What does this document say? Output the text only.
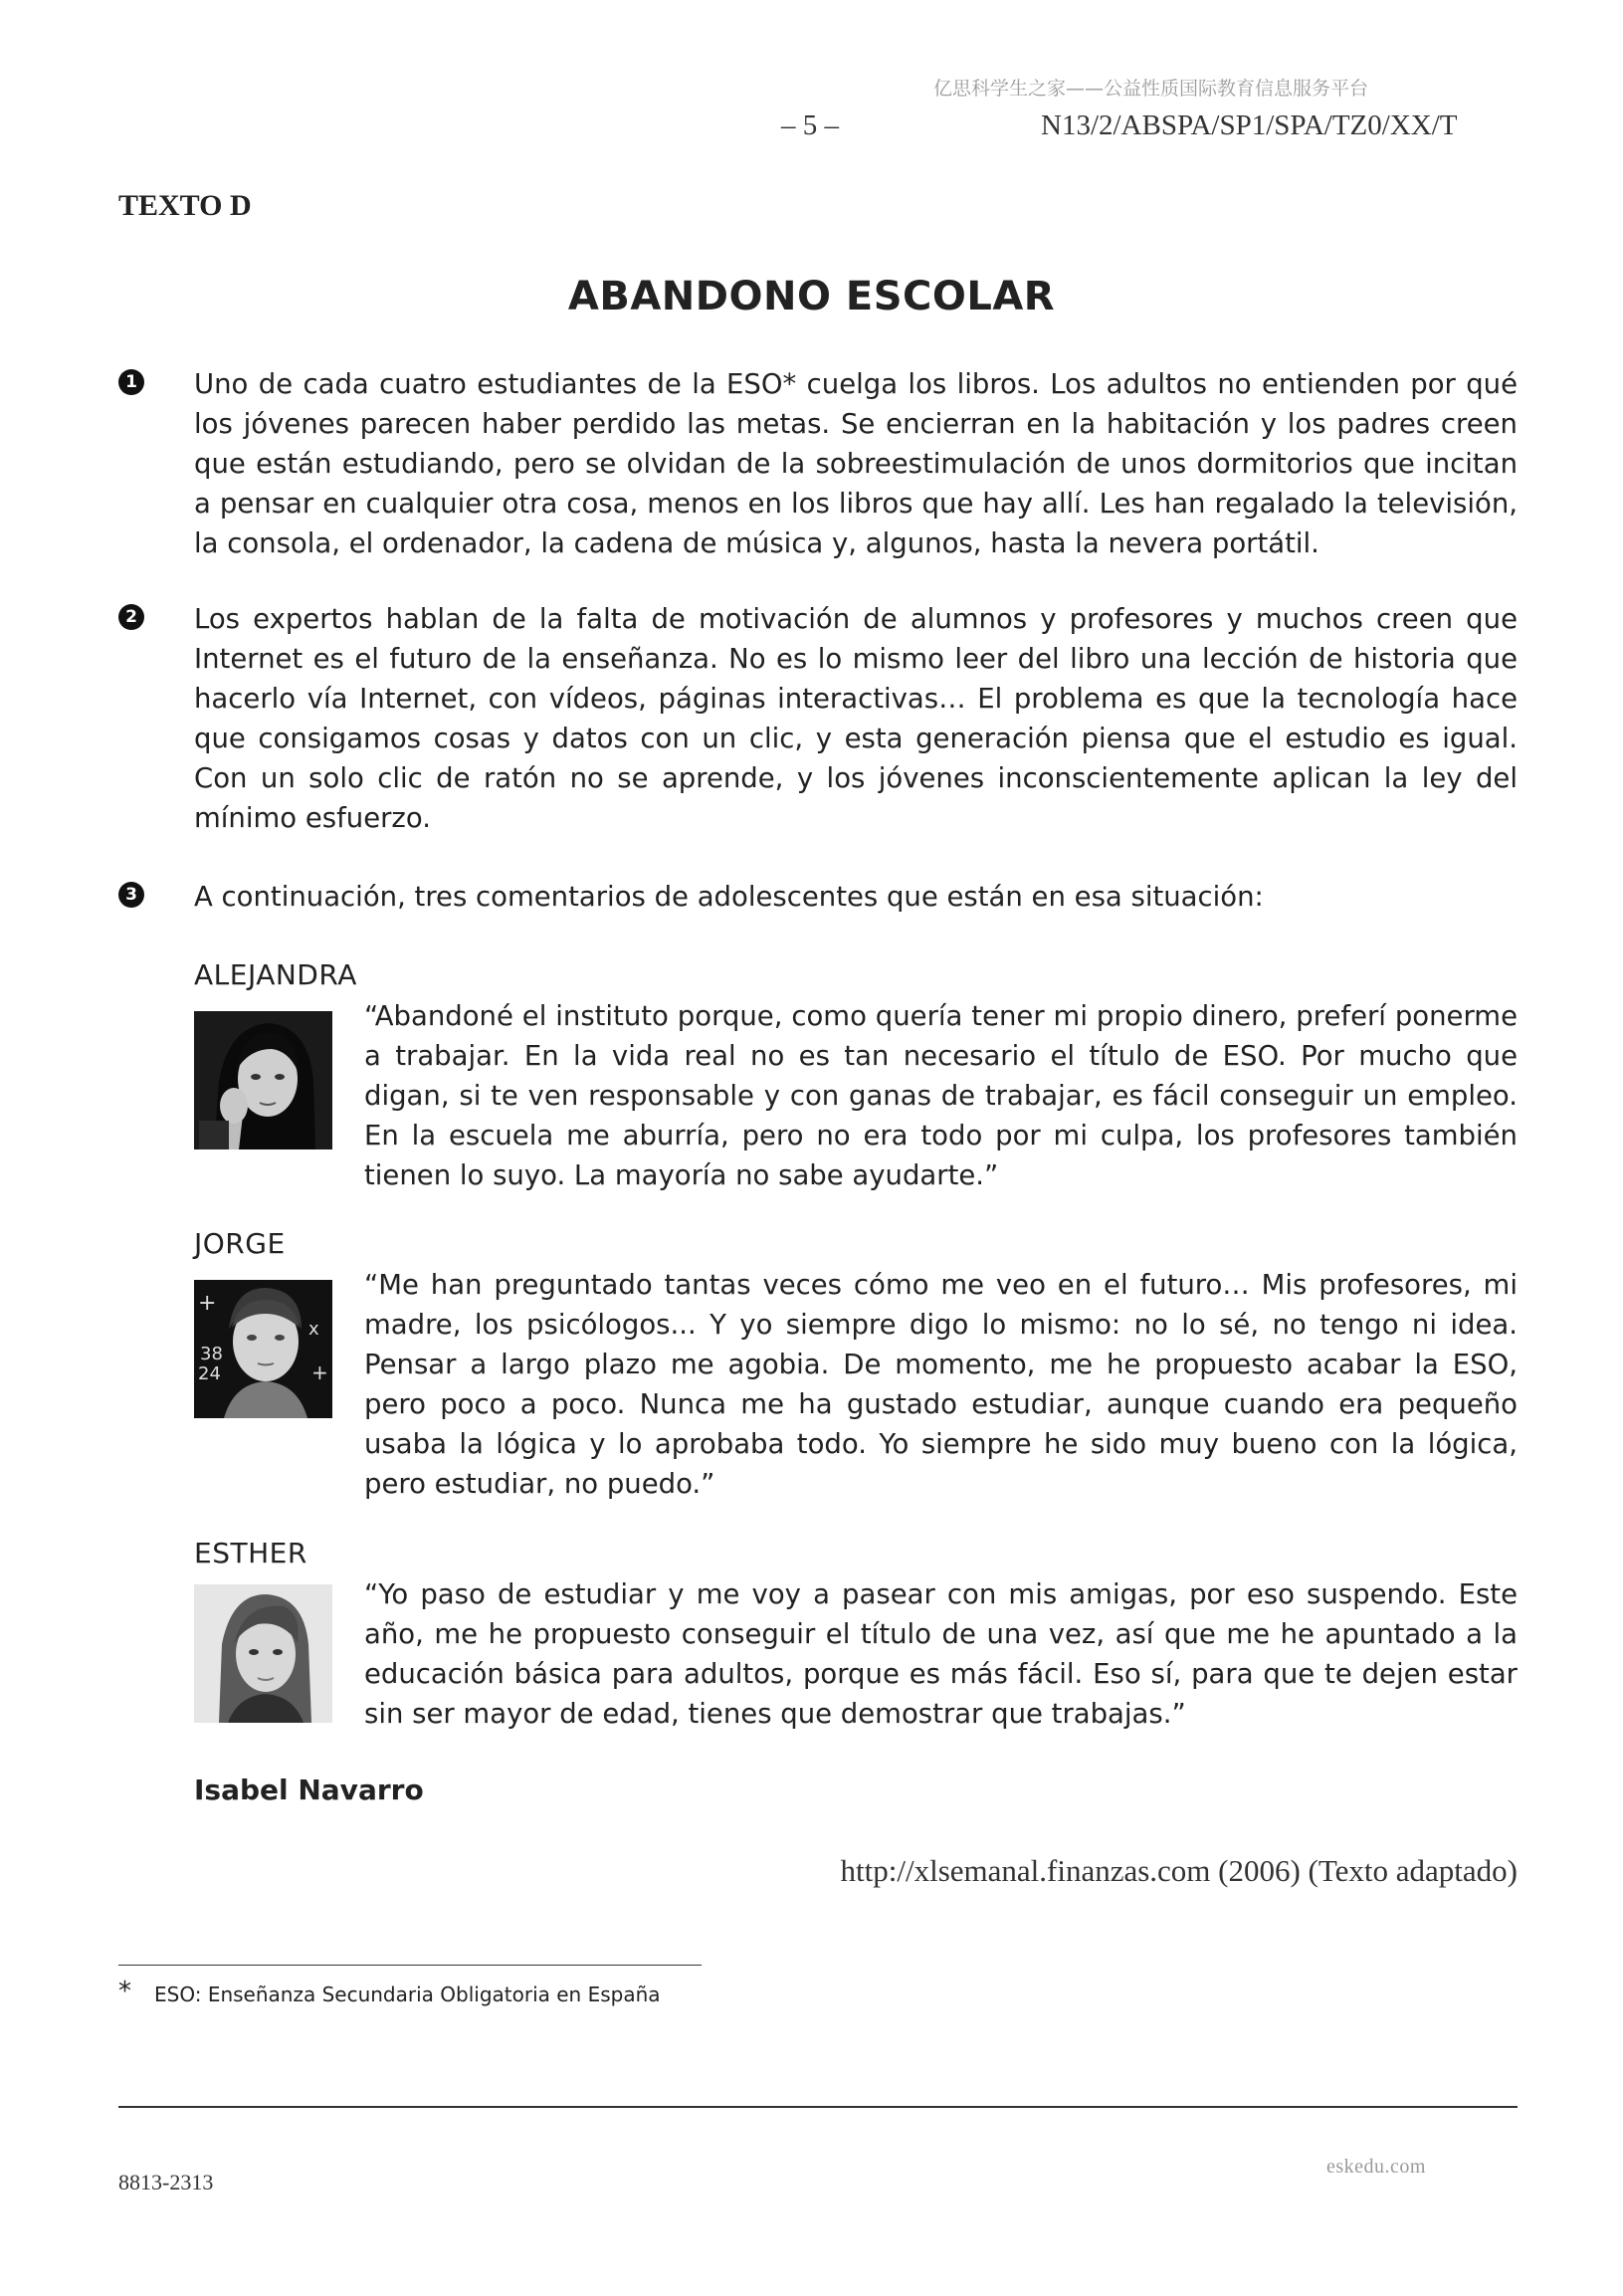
亿思科学生之家——公益性质国际教育信息服务平台
– 5 –	N13/2/ABSPA/SP1/SPA/TZ0/XX/T
TEXTO D
ABANDONO ESCOLAR
1 Uno de cada cuatro estudiantes de la ESO* cuelga los libros. Los adultos no entienden por qué los jóvenes parecen haber perdido las metas. Se encierran en la habitación y los padres creen que están estudiando, pero se olvidan de la sobreestimulación de unos dormitorios que incitan a pensar en cualquier otra cosa, menos en los libros que hay allí. Les han regalado la televisión, la consola, el ordenador, la cadena de música y, algunos, hasta la nevera portátil.
2 Los expertos hablan de la falta de motivación de alumnos y profesores y muchos creen que Internet es el futuro de la enseñanza. No es lo mismo leer del libro una lección de historia que hacerlo vía Internet, con vídeos, páginas interactivas… El problema es que la tecnología hace que consigamos cosas y datos con un clic, y esta generación piensa que el estudio es igual. Con un solo clic de ratón no se aprende, y los jóvenes inconscientemente aplican la ley del mínimo esfuerzo.
3 A continuación, tres comentarios de adolescentes que están en esa situación:
ALEJANDRA
“Abandoné el instituto porque, como quería tener mi propio dinero, preferí ponerme a trabajar. En la vida real no es tan necesario el título de ESO. Por mucho que digan, si te ven responsable y con ganas de trabajar, es fácil conseguir un empleo. En la escuela me aburría, pero no era todo por mi culpa, los profesores también tienen lo suyo. La mayoría no sabe ayudarte.”
JORGE
+
38
24
x
+
“Me han preguntado tantas veces cómo me veo en el futuro… Mis profesores, mi madre, los psicólogos... Y yo siempre digo lo mismo: no lo sé, no tengo ni idea. Pensar a largo plazo me agobia. De momento, me he propuesto acabar la ESO, pero poco a poco. Nunca me ha gustado estudiar, aunque cuando era pequeño usaba la lógica y lo aprobaba todo. Yo siempre he sido muy bueno con la lógica, pero estudiar, no puedo.”
ESTHER
“Yo paso de estudiar y me voy a pasear con mis amigas, por eso suspendo. Este año, me he propuesto conseguir el título de una vez, así que me he apuntado a la educación básica para adultos, porque es más fácil. Eso sí, para que te dejen estar sin ser mayor de edad, tienes que demostrar que trabajas.”
Isabel Navarro
http://xlsemanal.finanzas.com (2006) (Texto adaptado)
* ESO: Enseñanza Secundaria Obligatoria en España
eskedu.com
8813-2313
